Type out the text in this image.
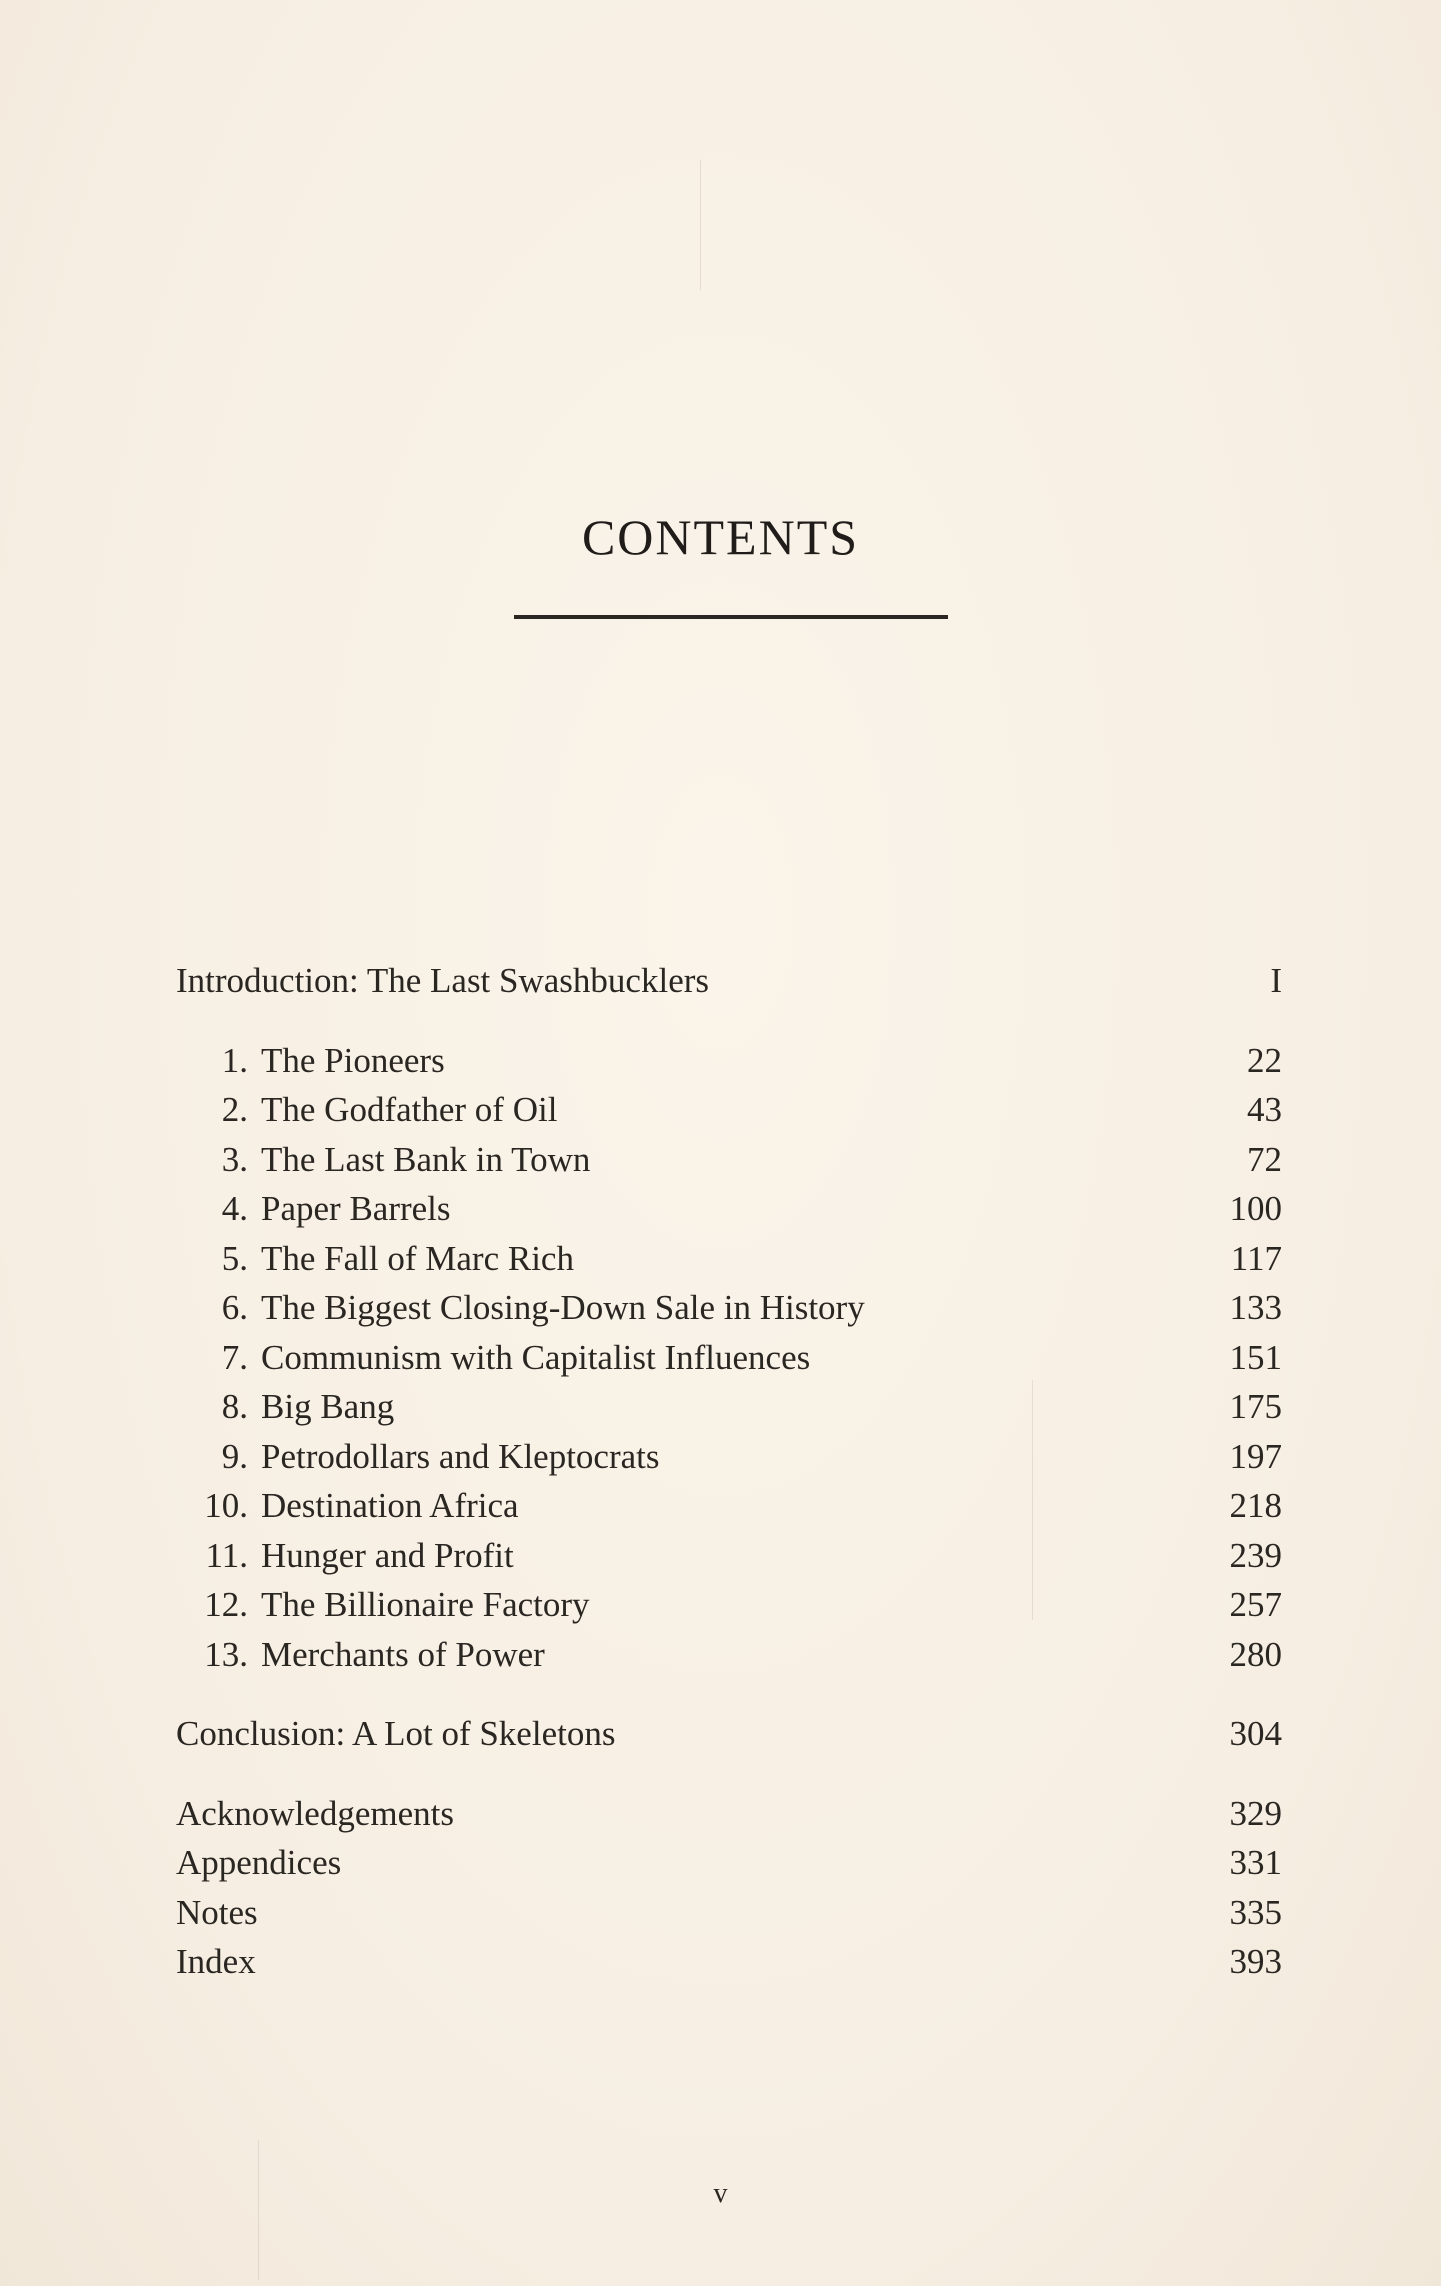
CONTENTS
Introduction: The Last Swashbucklers	I
1. The Pioneers	22
2. The Godfather of Oil	43
3. The Last Bank in Town	72
4. Paper Barrels	100
5. The Fall of Marc Rich	117
6. The Biggest Closing-Down Sale in History	133
7. Communism with Capitalist Influences	151
8. Big Bang	175
9. Petrodollars and Kleptocrats	197
10. Destination Africa	218
11. Hunger and Profit	239
12. The Billionaire Factory	257
13. Merchants of Power	280
Conclusion: A Lot of Skeletons	304
Acknowledgements	329
Appendices	331
Notes	335
Index	393
v
